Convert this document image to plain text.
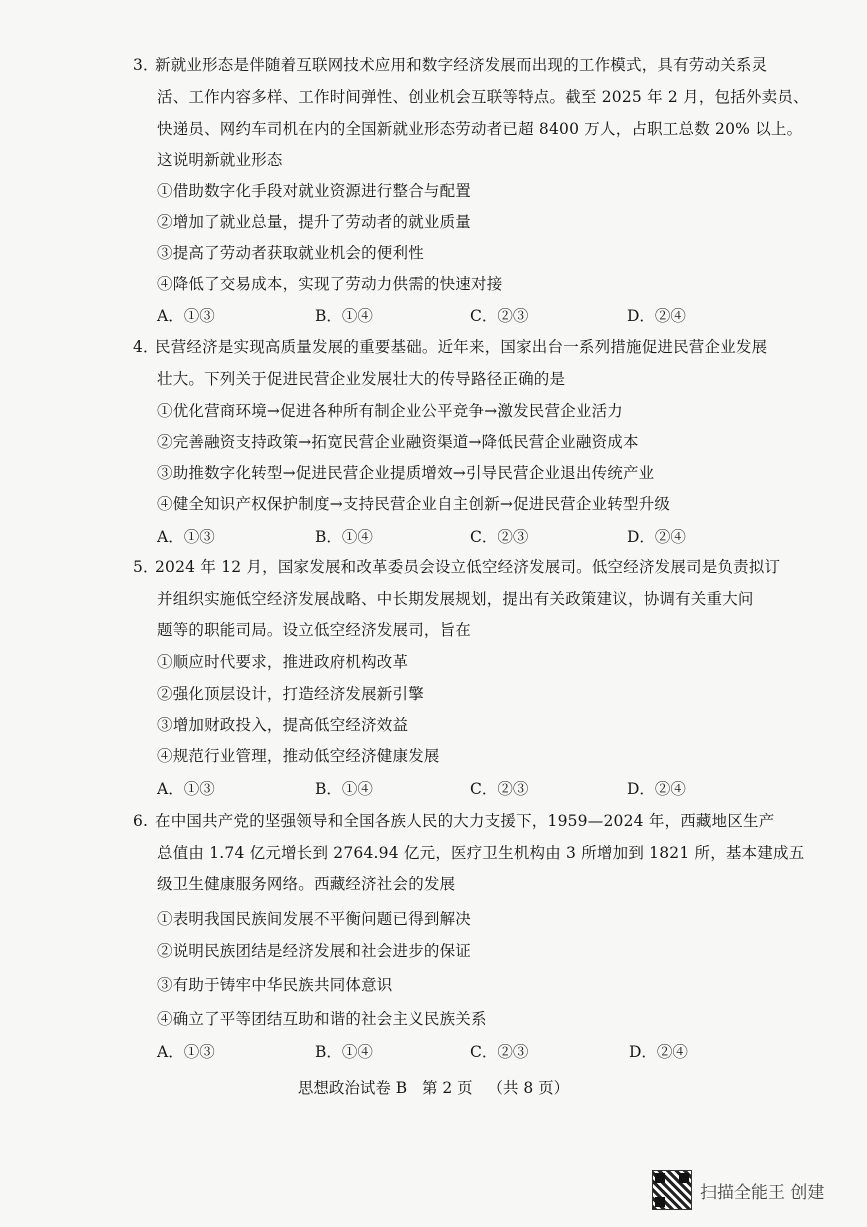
3．新就业形态是伴随着互联网技术应用和数字经济发展而出现的工作模式，具有劳动关系灵
活、工作内容多样、工作时间弹性、创业机会互联等特点。截至 2025 年 2 月，包括外卖员、
快递员、网约车司机在内的全国新就业形态劳动者已超 8400 万人，占职工总数 20% 以上。
这说明新就业形态
①借助数字化手段对就业资源进行整合与配置
②增加了就业总量，提升了劳动者的就业质量
③提高了劳动者获取就业机会的便利性
④降低了交易成本，实现了劳动力供需的快速对接
A．①③	B．①④	C．②③	D．②④
4．民营经济是实现高质量发展的重要基础。近年来，国家出台一系列措施促进民营企业发展
壮大。下列关于促进民营企业发展壮大的传导路径正确的是
①优化营商环境→促进各种所有制企业公平竞争→激发民营企业活力
②完善融资支持政策→拓宽民营企业融资渠道→降低民营企业融资成本
③助推数字化转型→促进民营企业提质增效→引导民营企业退出传统产业
④健全知识产权保护制度→支持民营企业自主创新→促进民营企业转型升级
A．①③	B．①④	C．②③	D．②④
5．2024 年 12 月，国家发展和改革委员会设立低空经济发展司。低空经济发展司是负责拟订
并组织实施低空经济发展战略、中长期发展规划，提出有关政策建议，协调有关重大问
题等的职能司局。设立低空经济发展司，旨在
①顺应时代要求，推进政府机构改革
②强化顶层设计，打造经济发展新引擎
③增加财政投入，提高低空经济效益
④规范行业管理，推动低空经济健康发展
A．①③	B．①④	C．②③	D．②④
6. 在中国共产党的坚强领导和全国各族人民的大力支援下，1959—2024 年，西藏地区生产
总值由 1.74 亿元增长到 2764.94 亿元，医疗卫生机构由 3 所增加到 1821 所，基本建成五
级卫生健康服务网络。西藏经济社会的发展
①表明我国民族间发展不平衡问题已得到解决
②说明民族团结是经济发展和社会进步的保证
③有助于铸牢中华民族共同体意识
④确立了平等团结互助和谐的社会主义民族关系
A．①③	B．①④	C．②③	D．②④
思想政治试卷 B   第 2 页   （共 8 页）
扫描全能王 创建
